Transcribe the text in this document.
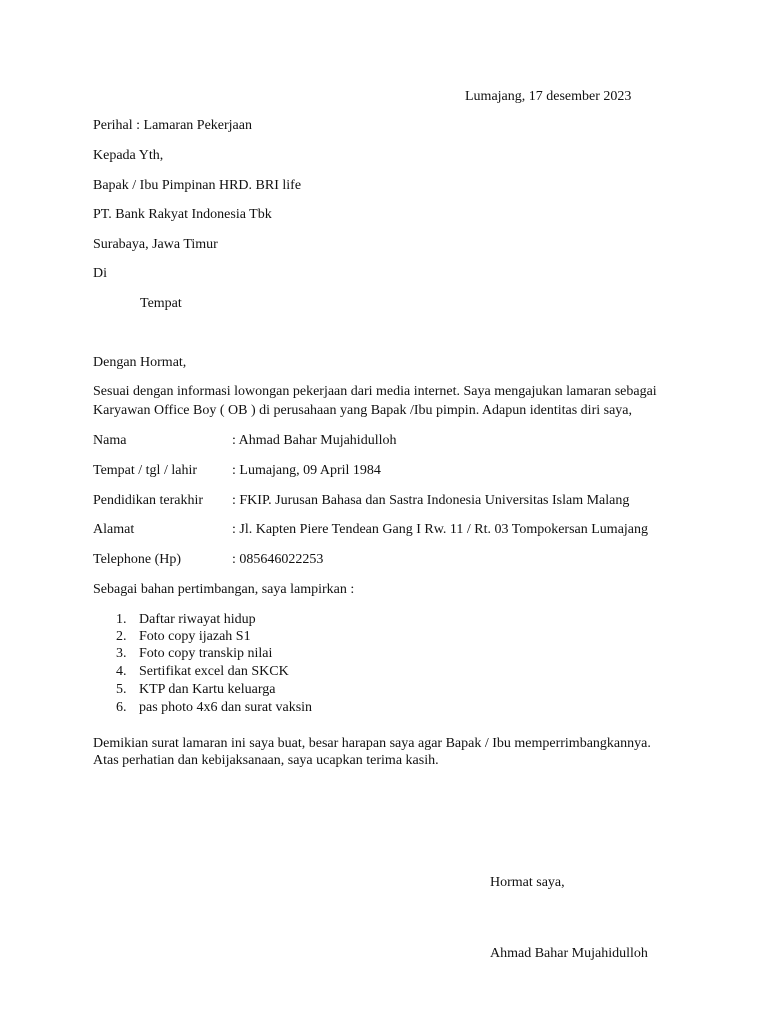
Lumajang, 17 desember 2023
Perihal : Lamaran Pekerjaan
Kepada Yth,
Bapak / Ibu Pimpinan HRD. BRI life
PT. Bank Rakyat Indonesia Tbk
Surabaya, Jawa Timur
Di
Tempat
Dengan Hormat,
Sesuai dengan informasi lowongan pekerjaan dari media internet. Saya mengajukan lamaran sebagai
Karyawan Office Boy ( OB ) di perusahaan yang Bapak /Ibu pimpin. Adapun identitas diri saya,
Nama	: Ahmad Bahar Mujahidulloh
Tempat / tgl / lahir	: Lumajang, 09 April 1984
Pendidikan terakhir : FKIP. Jurusan Bahasa dan Sastra Indonesia Universitas Islam Malang
Alamat	: Jl. Kapten Piere Tendean Gang I Rw. 11 / Rt. 03 Tompokersan Lumajang
Telephone (Hp)	: 085646022253
Sebagai bahan pertimbangan, saya lampirkan :
1. Daftar riwayat hidup
2. Foto copy ijazah S1
3. Foto copy transkip nilai
4. Sertifikat excel dan SKCK
5. KTP dan Kartu keluarga
6. pas photo 4x6 dan surat vaksin
Demikian surat lamaran ini saya buat, besar harapan saya agar Bapak / Ibu memperrimbangkannya.
Atas perhatian dan kebijaksanaan, saya ucapkan terima kasih.
Hormat saya,
Ahmad Bahar Mujahidulloh
